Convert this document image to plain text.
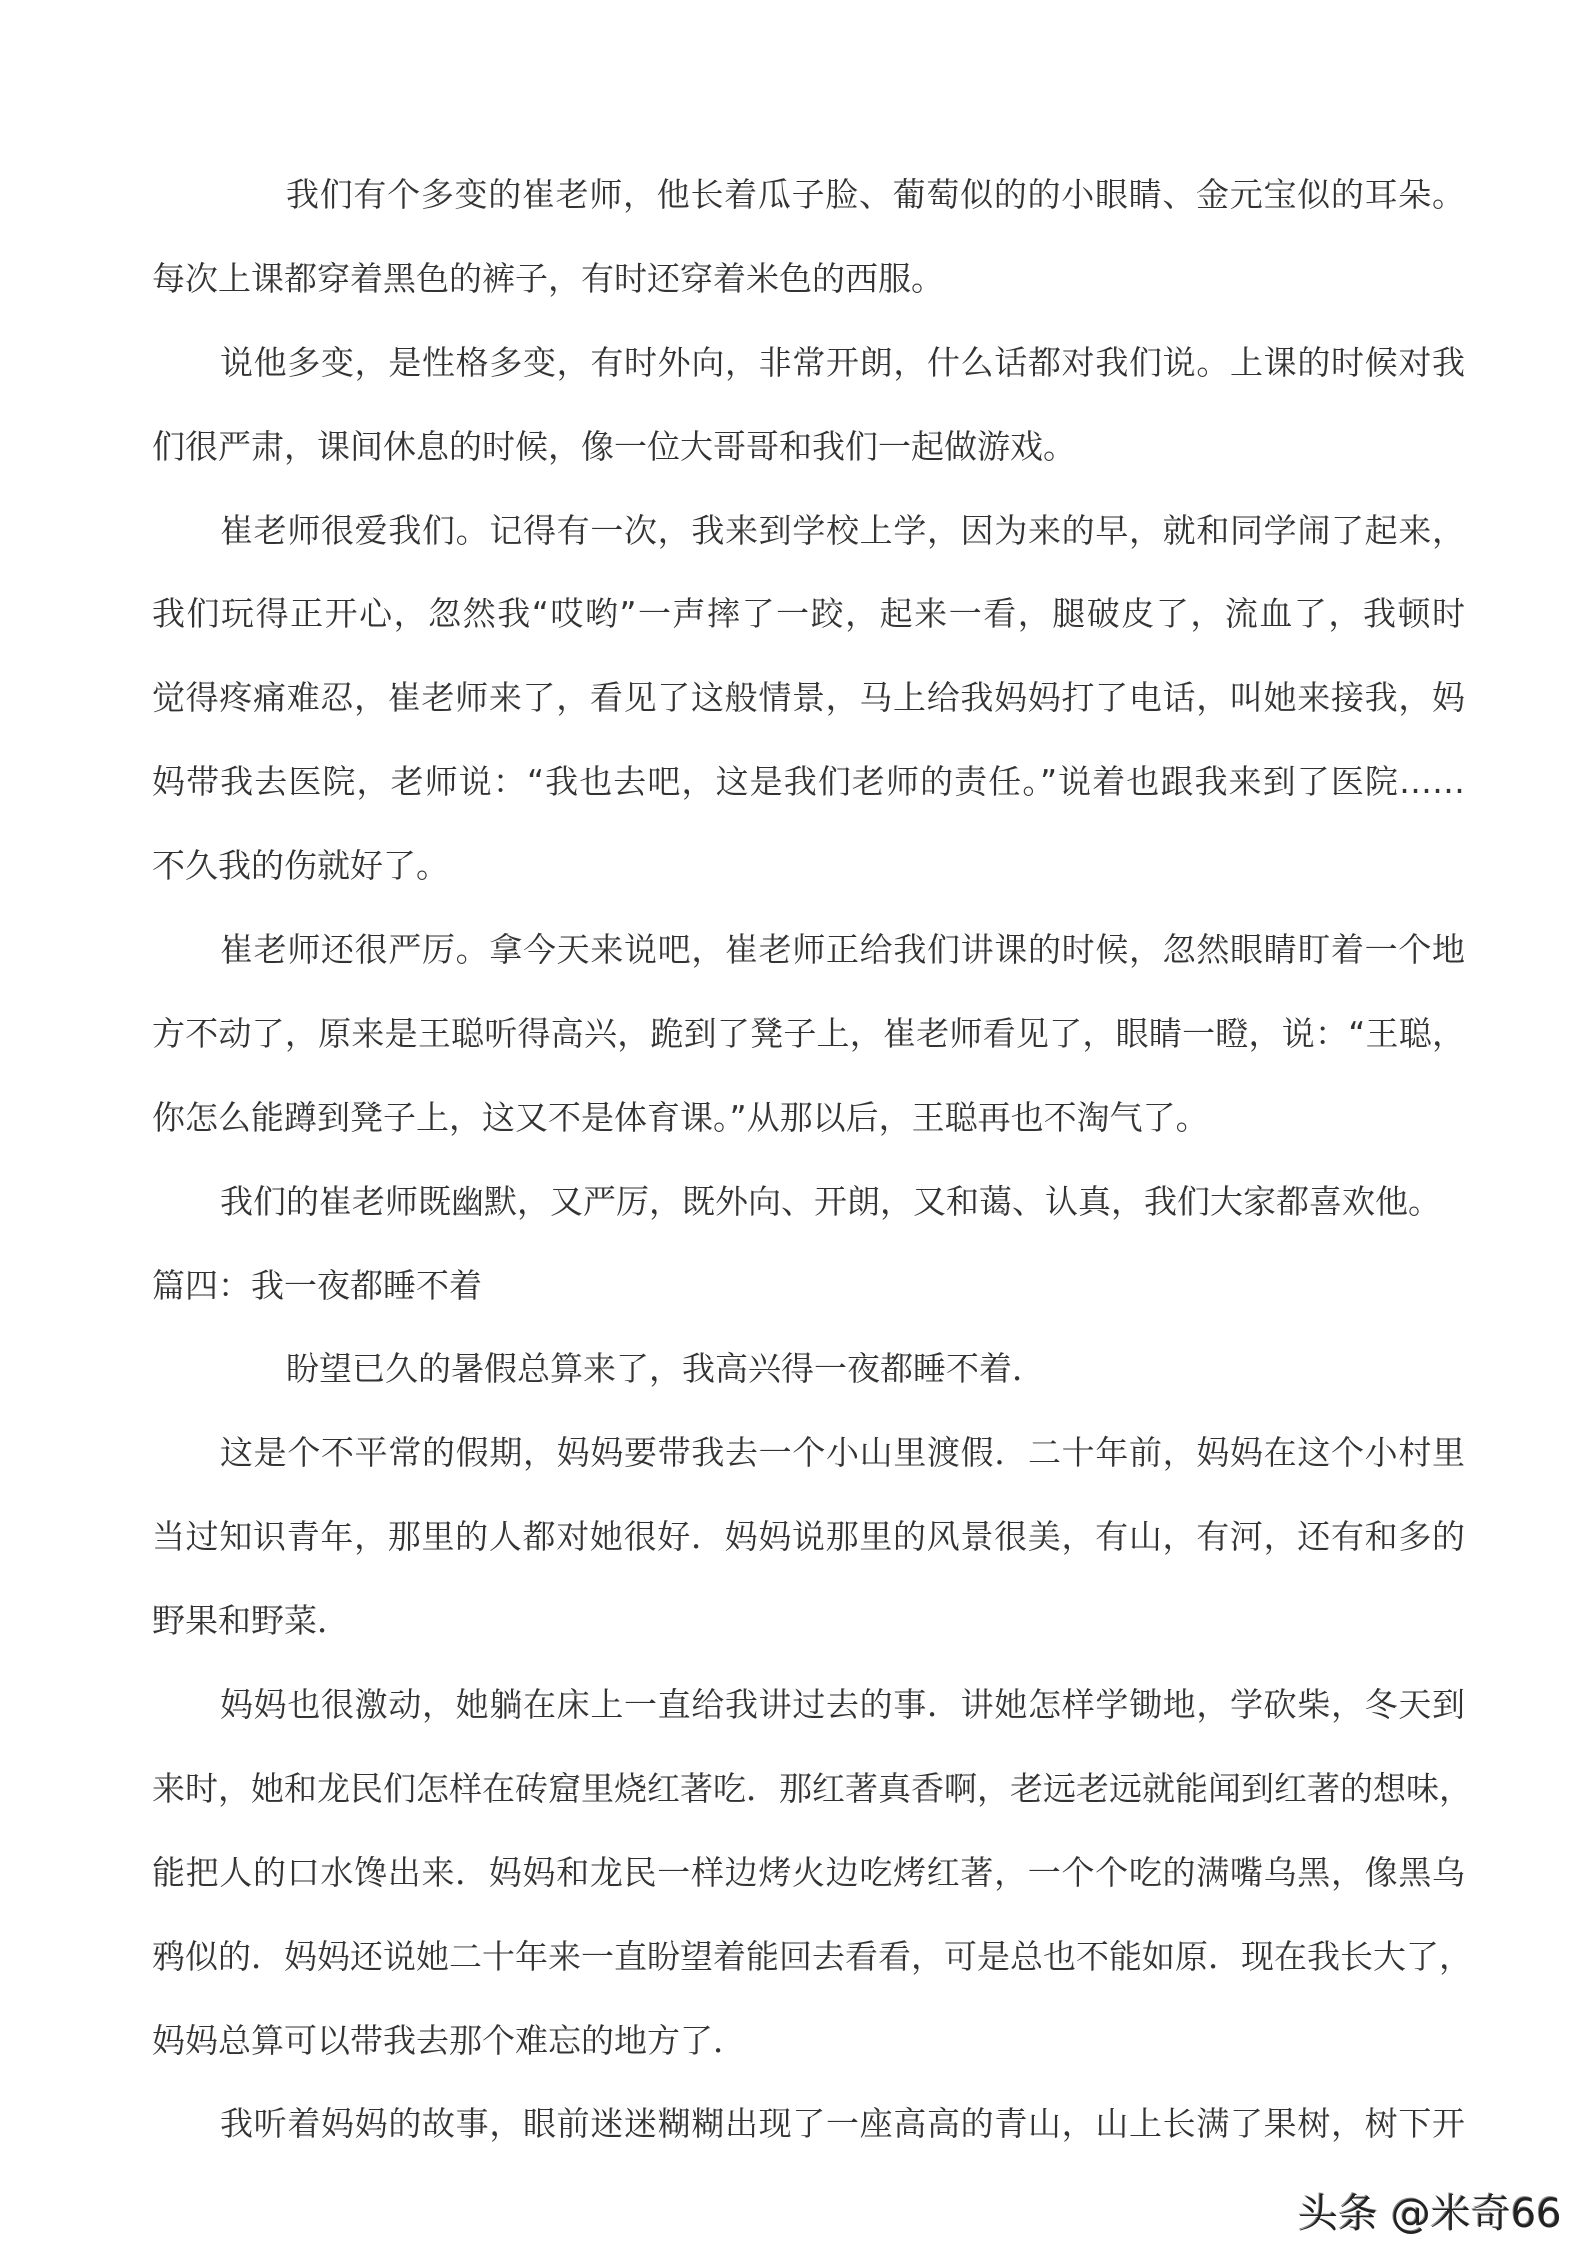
我们有个多变的崔老师，他长着瓜子脸、葡萄似的的小眼睛、金元宝似的耳朵。
每次上课都穿着黑色的裤子，有时还穿着米色的西服。
说他多变，是性格多变，有时外向，非常开朗，什么话都对我们说。上课的时候对我
们很严肃，课间休息的时候，像一位大哥哥和我们一起做游戏。
崔老师很爱我们。记得有一次，我来到学校上学，因为来的早，就和同学闹了起来，
我们玩得正开心，忽然我“哎哟”一声摔了一跤，起来一看，腿破皮了，流血了，我顿时
觉得疼痛难忍，崔老师来了，看见了这般情景，马上给我妈妈打了电话，叫她来接我，妈
妈带我去医院，老师说：“我也去吧，这是我们老师的责任。”说着也跟我来到了医院……
不久我的伤就好了。
崔老师还很严厉。拿今天来说吧，崔老师正给我们讲课的时候，忽然眼睛盯着一个地
方不动了，原来是王聪听得高兴，跪到了凳子上，崔老师看见了，眼睛一瞪，说：“王聪，
你怎么能蹲到凳子上，这又不是体育课。”从那以后，王聪再也不淘气了。
我们的崔老师既幽默，又严厉，既外向、开朗，又和蔼、认真，我们大家都喜欢他。
篇四：我一夜都睡不着
盼望已久的暑假总算来了，我高兴得一夜都睡不着．
这是个不平常的假期，妈妈要带我去一个小山里渡假．二十年前，妈妈在这个小村里
当过知识青年，那里的人都对她很好．妈妈说那里的风景很美，有山，有河，还有和多的
野果和野菜．
妈妈也很激动，她躺在床上一直给我讲过去的事．讲她怎样学锄地，学砍柴，冬天到
来时，她和龙民们怎样在砖窟里烧红著吃．那红著真香啊，老远老远就能闻到红著的想味，
能把人的口水馋出来．妈妈和龙民一样边烤火边吃烤红著，一个个吃的满嘴乌黑，像黑乌
鸦似的．妈妈还说她二十年来一直盼望着能回去看看，可是总也不能如原．现在我长大了，
妈妈总算可以带我去那个难忘的地方了．
我听着妈妈的故事，眼前迷迷糊糊出现了一座高高的青山，山上长满了果树，树下开
头条 @米奇66
